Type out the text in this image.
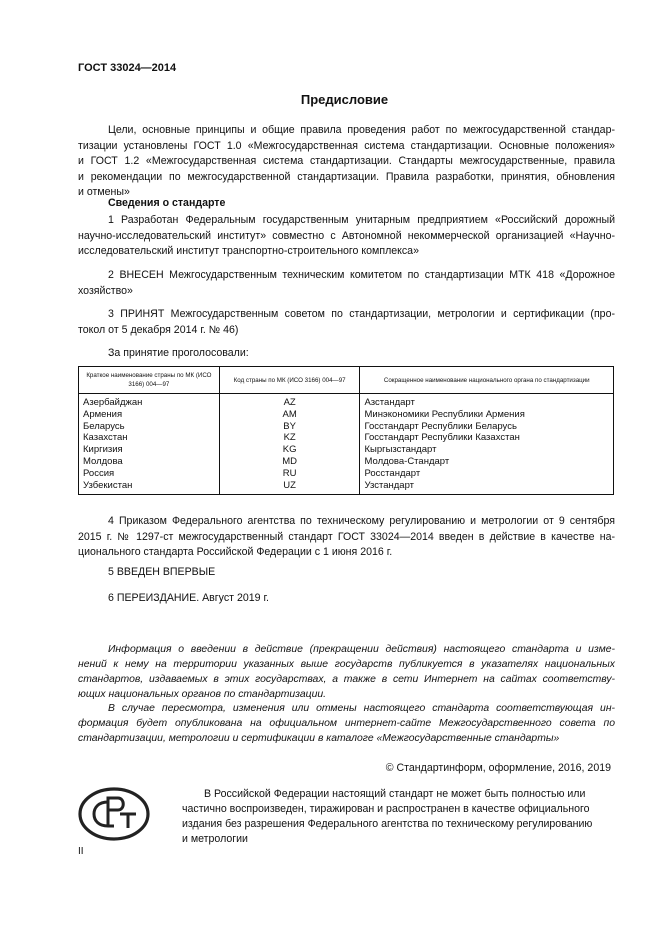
ГОСТ 33024—2014
Предисловие
Цели, основные принципы и общие правила проведения работ по межгосударственной стандар-
тизации установлены ГОСТ 1.0 «Межгосударственная система стандартизации. Основные положения»
и ГОСТ 1.2 «Межгосударственная система стандартизации. Стандарты межгосударственные, правила
и рекомендации по межгосударственной стандартизации. Правила разработки, принятия, обновления
и отмены»
Сведения о стандарте
1 Разработан Федеральным государственным унитарным предприятием «Российский дорожный
научно-исследовательский институт» совместно с Автономной некоммерческой организацией «Научно-
исследовательский институт транспортно-строительного комплекса»
2 ВНЕСЕН Межгосударственным техническим комитетом по стандартизации МТК 418 «Дорожное
хозяйство»
3 ПРИНЯТ Межгосударственным советом по стандартизации, метрологии и сертификации (про-
токол от 5 декабря 2014 г. № 46)
За принятие проголосовали:
Краткое наименование страны по МК (ИСО 3166) 004—97	Код страны по МК (ИСО 3166) 004—97	Сокращенное наименование национального органа по стандартизации
Азербайджан	AZ	Азстандарт
Армения	AM	Минэкономики Республики Армения
Беларусь	BY	Госстандарт Республики Беларусь
Казахстан	KZ	Госстандарт Республики Казахстан
Киргизия	KG	Кыргызстандарт
Молдова	MD	Молдова-Стандарт
Россия	RU	Росстандарт
Узбекистан	UZ	Узстандарт
4 Приказом Федерального агентства по техническому регулированию и метрологии от 9 сентября
2015 г. № 1297-ст межгосударственный стандарт ГОСТ 33024—2014 введен в действие в качестве на-
ционального стандарта Российской Федерации с 1 июня 2016 г.
5 ВВЕДЕН ВПЕРВЫЕ
6 ПЕРЕИЗДАНИЕ. Август 2019 г.
Информация о введении в действие (прекращении действия) настоящего стандарта и изме-
нений к нему на территории указанных выше государств публикуется в указателях национальных
стандартов, издаваемых в этих государствах, а также в сети Интернет на сайтах соответству-
ющих национальных органов по стандартизации.
В случае пересмотра, изменения или отмены настоящего стандарта соответствующая ин-
формация будет опубликована на официальном интернет-сайте Межгосударственного совета по
стандартизации, метрологии и сертификации в каталоге «Межгосударственные стандарты»
© Стандартинформ, оформление, 2016, 2019
В Российской Федерации настоящий стандарт не может быть полностью или
частично воспроизведен, тиражирован и распространен в качестве официального
издания без разрешения Федерального агентства по техническому регулированию
и метрологии
II
